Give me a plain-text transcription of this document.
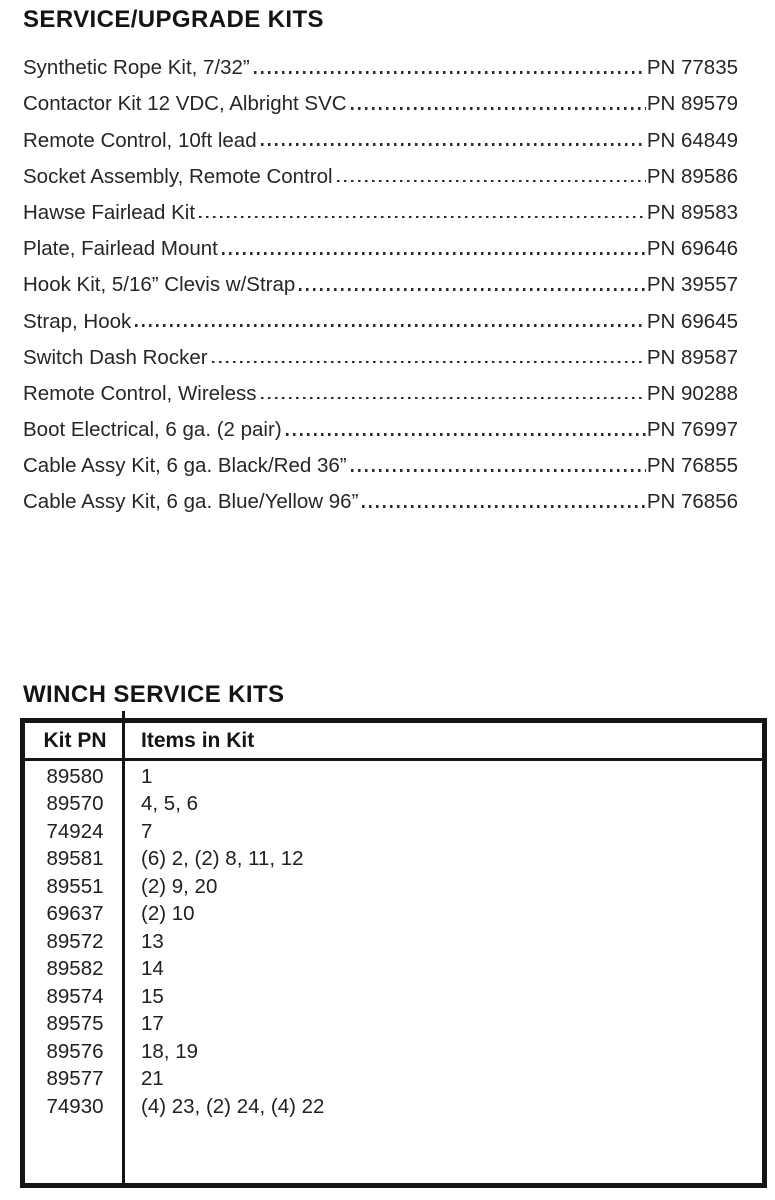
SERVICE/UPGRADE KITS
Synthetic Rope Kit, 7/32”	PN 77835
Contactor Kit 12 VDC, Albright SVC	PN 89579
Remote Control, 10ft lead	PN 64849
Socket Assembly, Remote Control	PN 89586
Hawse Fairlead Kit	PN 89583
Plate, Fairlead Mount	PN 69646
Hook Kit, 5/16” Clevis w/Strap	PN 39557
Strap, Hook	PN 69645
Switch Dash Rocker	PN 89587
Remote Control, Wireless	PN 90288
Boot Electrical, 6 ga. (2 pair)	PN 76997
Cable Assy Kit, 6 ga. Black/Red 36”	PN 76855
Cable Assy Kit, 6 ga. Blue/Yellow 96”	PN 76856
WINCH SERVICE KITS
Kit PN	Items in Kit
89580	1
89570	4, 5, 6
74924	7
89581	(6) 2, (2) 8, 11, 12
89551	(2) 9, 20
69637	(2) 10
89572	13
89582	14
89574	15
89575	17
89576	18, 19
89577	21
74930	(4) 23, (2) 24, (4) 22
